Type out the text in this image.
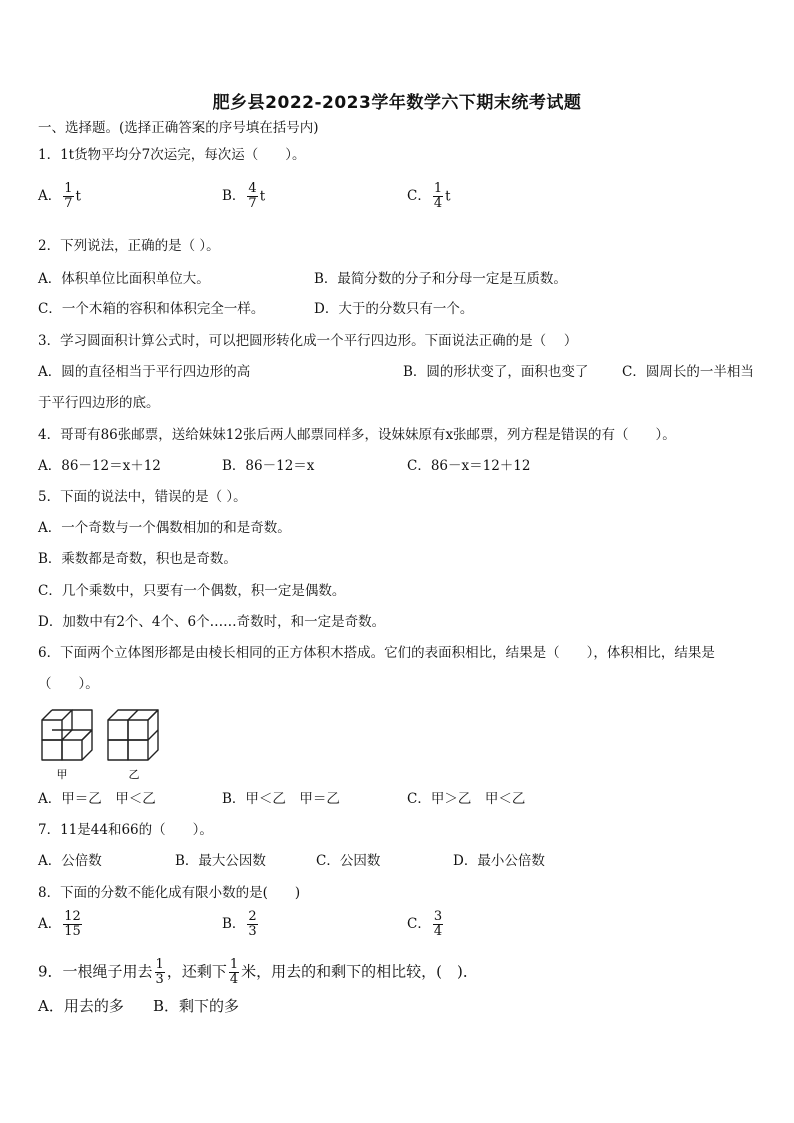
肥乡县2022-2023学年数学六下期末统考试题
一、选择题。(选择正确答案的序号填在括号内)
1．1t货物平均分7次运完，每次运（　　）。
A． $\frac{1}{7}$ t	B． $\frac{4}{7}$ t	C． $\frac{1}{4}$ t
2．下列说法，正确的是（ ）。
A．体积单位比面积单位大。	B．最简分数的分子和分母一定是互质数。
C．一个木箱的容积和体积完全一样。	D．大于的分数只有一个。
3．学习圆面积计算公式时，可以把圆形转化成一个平行四边形。下面说法正确的是（　 ）
A．圆的直径相当于平行四边形的高	B．圆的形状变了，面积也变了 C．圆周长的一半相当
于平行四边形的底。
4．哥哥有86张邮票，送给妹妹12张后两人邮票同样多，设妹妹原有x张邮票，列方程是错误的有（　　）。
A．86－12＝x＋12	B．86－12＝x	C．86－x＝12＋12
5．下面的说法中，错误的是（ ）。
A．一个奇数与一个偶数相加的和是奇数。
B．乘数都是奇数，积也是奇数。
C．几个乘数中，只要有一个偶数，积一定是偶数。
D．加数中有2个、4个、6个……奇数时，和一定是奇数。
6．下面两个立体图形都是由棱长相同的正方体积木搭成。它们的表面积相比，结果是（　　），体积相比，结果是
（　　）。
甲	乙
A．甲＝乙　甲＜乙	B．甲＜乙　甲＝乙	C．甲＞乙　甲＜乙
7．11是44和66的（　　）。
A．公倍数	B．最大公因数	C．公因数	D．最小公倍数
8．下面的分数不能化成有限小数的是(　　)
A． $\frac{12}{15}$	B． $\frac{2}{3}$	C． $\frac{3}{4}$
9．一根绳子用去 $\frac{1}{3}$ ，还剩下 $\frac{1}{4}$ 米，用去的和剩下的相比较，(　)．
A．用去的多 B．剩下的多
